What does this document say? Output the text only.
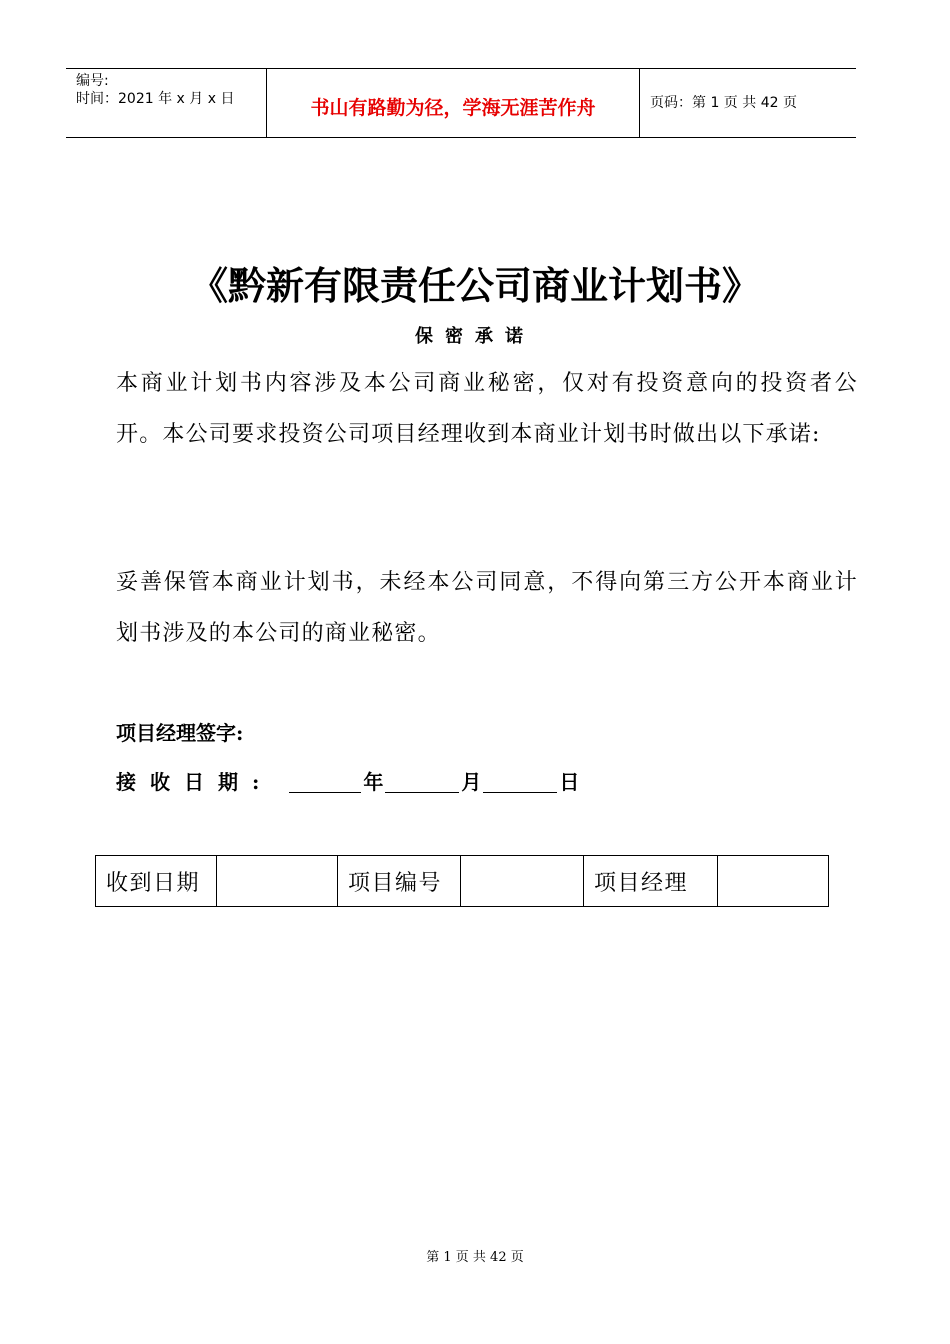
编号:
时间：2021 年 x 月 x 日	书山有路勤为径，学海无涯苦作舟	页码：第 1 页 共 42 页
《黔新有限责任公司商业计划书》
保密承诺
本商业计划书内容涉及本公司商业秘密，仅对有投资意向的投资者公开。本公司要求投资公司项目经理收到本商业计划书时做出以下承诺:
妥善保管本商业计划书，未经本公司同意，不得向第三方公开本商业计划书涉及的本公司的商业秘密。
项目经理签字:
接收日期:	年	月	日
收到日期		项目编号		项目经理	
第 1 页 共 42 页
